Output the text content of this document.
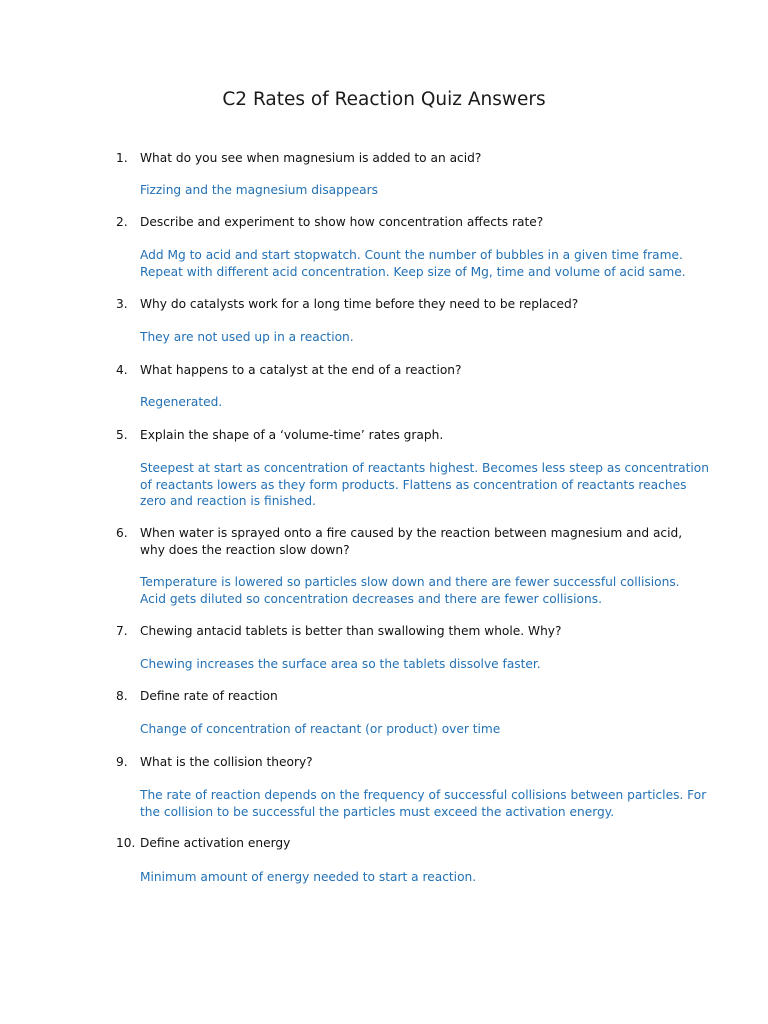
C2 Rates of Reaction Quiz Answers
1. What do you see when magnesium is added to an acid?
Fizzing and the magnesium disappears
2. Describe and experiment to show how concentration affects rate?
Add Mg to acid and start stopwatch. Count the number of bubbles in a given time frame.
Repeat with different acid concentration. Keep size of Mg, time and volume of acid same.
3. Why do catalysts work for a long time before they need to be replaced?
They are not used up in a reaction.
4. What happens to a catalyst at the end of a reaction?
Regenerated.
5. Explain the shape of a ‘volume-time’ rates graph.
Steepest at start as concentration of reactants highest. Becomes less steep as concentration
of reactants lowers as they form products. Flattens as concentration of reactants reaches
zero and reaction is finished.
6. When water is sprayed onto a fire caused by the reaction between magnesium and acid,
why does the reaction slow down?
Temperature is lowered so particles slow down and there are fewer successful collisions.
Acid gets diluted so concentration decreases and there are fewer collisions.
7. Chewing antacid tablets is better than swallowing them whole. Why?
Chewing increases the surface area so the tablets dissolve faster.
8. Define rate of reaction
Change of concentration of reactant (or product) over time
9. What is the collision theory?
The rate of reaction depends on the frequency of successful collisions between particles. For
the collision to be successful the particles must exceed the activation energy.
10. Define activation energy
Minimum amount of energy needed to start a reaction.
